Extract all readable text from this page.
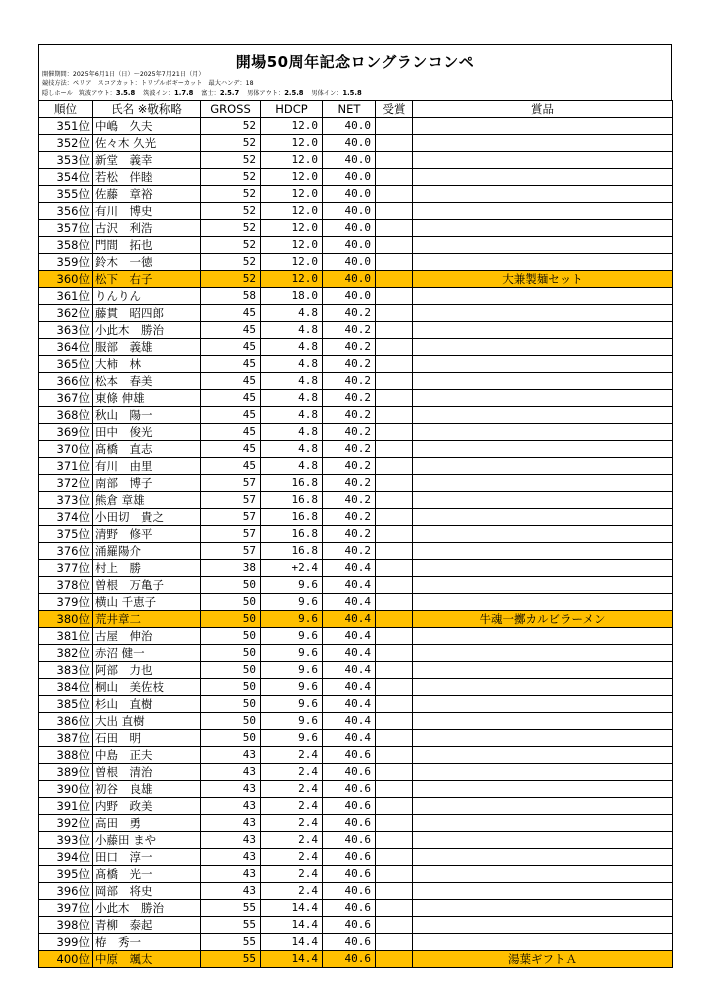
開場50周年記念ロングランコンペ
開催期間：2025年6月1日（日）～2025年7月21日（月）
競技方法：ペリア　スコアカット：トリプルボギーカット　最大ハンデ：18
隠しホール 筑波アウト：3.5.8 筑波イン：1.7.8 富士：2.5.7 男体アウト：2.5.8 男体イン：1.5.8
順位	氏名 ※敬称略	GROSS	HDCP	NET	受賞	賞品
351位	中嶋　久夫	52	12.0	40.0		
352位	佐々木 久光	52	12.0	40.0		
353位	新堂　義幸	52	12.0	40.0		
354位	若松　伴睦	52	12.0	40.0		
355位	佐藤　章裕	52	12.0	40.0		
356位	有川　博史	52	12.0	40.0		
357位	古沢　利浩	52	12.0	40.0		
358位	門間　拓也	52	12.0	40.0		
359位	鈴木　一徳	52	12.0	40.0		
360位	松下　右子	52	12.0	40.0		大兼製麺セット
361位	りんりん	58	18.0	40.0		
362位	藤貫　昭四郎	45	4.8	40.2		
363位	小此木　勝治	45	4.8	40.2		
364位	服部　義雄	45	4.8	40.2		
365位	大柿　林	45	4.8	40.2		
366位	松本　春美	45	4.8	40.2		
367位	東條 伸雄	45	4.8	40.2		
368位	秋山　陽一	45	4.8	40.2		
369位	田中　俊光	45	4.8	40.2		
370位	髙橋　直志	45	4.8	40.2		
371位	有川　由里	45	4.8	40.2		
372位	南部　博子	57	16.8	40.2		
373位	熊倉 章雄	57	16.8	40.2		
374位	小田切　貴之	57	16.8	40.2		
375位	清野　修平	57	16.8	40.2		
376位	涌羅陽介	57	16.8	40.2		
377位	村上　勝	38	+2.4	40.4		
378位	曽根　万亀子	50	9.6	40.4		
379位	横山 千恵子	50	9.6	40.4		
380位	荒井章二	50	9.6	40.4		牛魂一擲カルビラーメン
381位	古屋　伸治	50	9.6	40.4		
382位	赤沼 健一	50	9.6	40.4		
383位	阿部　力也	50	9.6	40.4		
384位	桐山　美佐枝	50	9.6	40.4		
385位	杉山　直樹	50	9.6	40.4		
386位	大出 直樹	50	9.6	40.4		
387位	石田　明	50	9.6	40.4		
388位	中島　正夫	43	2.4	40.6		
389位	曽根　清治	43	2.4	40.6		
390位	初谷　良雄	43	2.4	40.6		
391位	内野　政美	43	2.4	40.6		
392位	高田　勇	43	2.4	40.6		
393位	小藤田 まや	43	2.4	40.6		
394位	田口　淳一	43	2.4	40.6		
395位	髙橋　光一	43	2.4	40.6		
396位	岡部　将史	43	2.4	40.6		
397位	小此木　勝治	55	14.4	40.6		
398位	青柳　泰起	55	14.4	40.6		
399位	栫　秀一	55	14.4	40.6		
400位	中原　颯太	55	14.4	40.6		湯葉ギフトＡ
